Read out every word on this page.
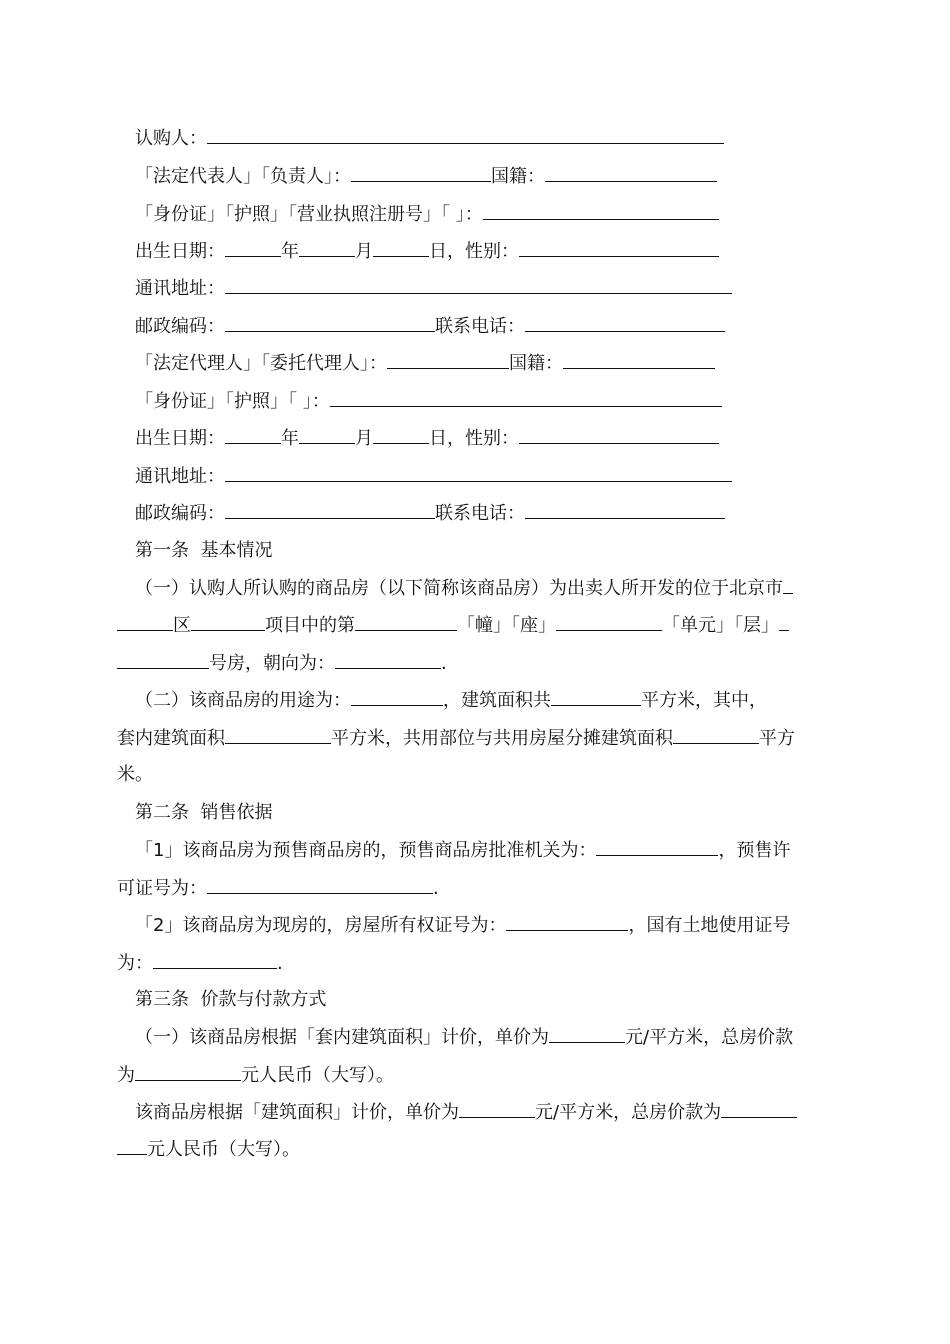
认购人：
「法定代表人」「负责人」：	国籍：
「身份证」「护照」「营业执照注册号」「 」：
出生日期：	年	月	日，性别：
通讯地址：
邮政编码：	联系电话：
「法定代理人」「委托代理人」：	国籍：
「身份证」「护照」「 」：
出生日期：	年	月	日，性别：
通讯地址：
邮政编码：	联系电话：
第一条  基本情况
（一）认购人所认购的商品房（以下简称该商品房）为出卖人所开发的位于北京市
区	项目中的第	「幢」「座」	「单元」「层」
号房，朝向为：	.
（二）该商品房的用途为：	，建筑面积共	平方米，其中，
套内建筑面积	平方米，共用部位与共用房屋分摊建筑面积	平方
米。
第二条  销售依据
「1」该商品房为预售商品房的，预售商品房批准机关为：	，预售许
可证号为：	.
「2」该商品房为现房的，房屋所有权证号为：	，国有土地使用证号
为：	.
第三条  价款与付款方式
（一）该商品房根据「套内建筑面积」计价，单价为	元/平方米，总房价款
为	元人民币（大写）。
该商品房根据「建筑面积」计价，单价为	元/平方米，总房价款为
元人民币（大写）。
